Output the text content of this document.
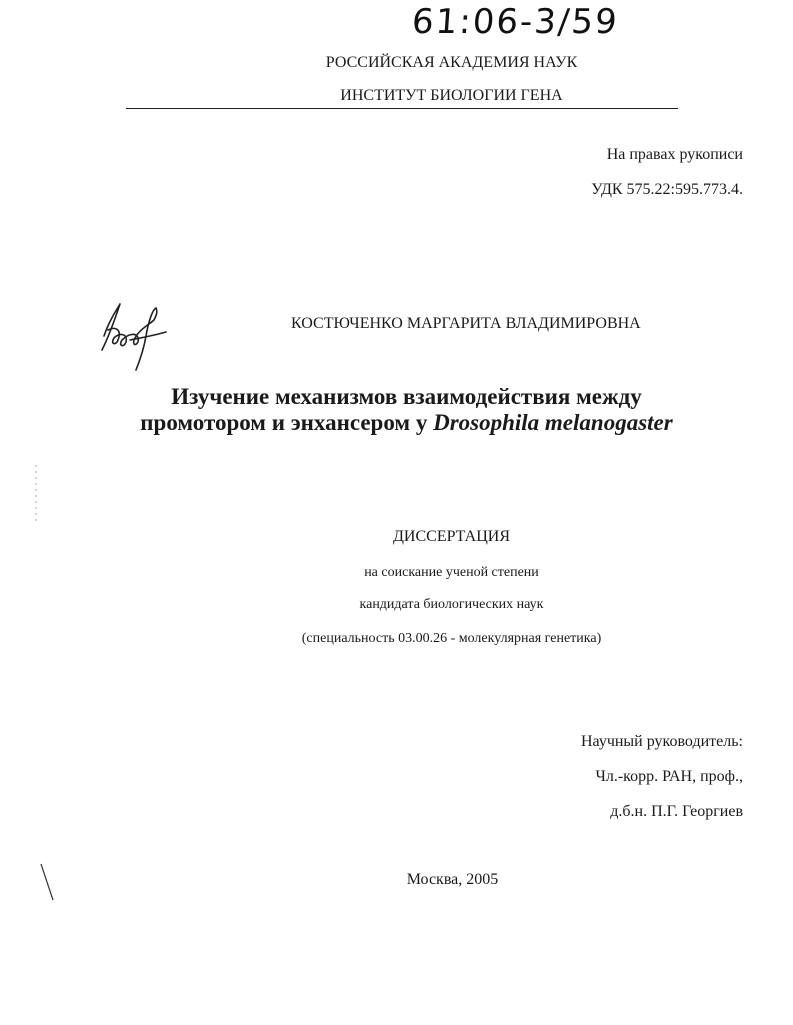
61:06-3/59
РОССИЙСКАЯ АКАДЕМИЯ НАУК
ИНСТИТУТ БИОЛОГИИ ГЕНА
На правах рукописи
УДК 575.22:595.773.4.
КОСТЮЧЕНКО МАРГАРИТА ВЛАДИМИРОВНА
Изучение механизмов взаимодействия между
промотором и энхансером у Drosophila melanogaster
ДИССЕРТАЦИЯ
на соискание ученой степени
кандидата биологических наук
(специальность 03.00.26 - молекулярная генетика)
Научный руководитель:
Чл.-корр. РАН, проф.,
д.б.н. П.Г. Георгиев
Москва, 2005
